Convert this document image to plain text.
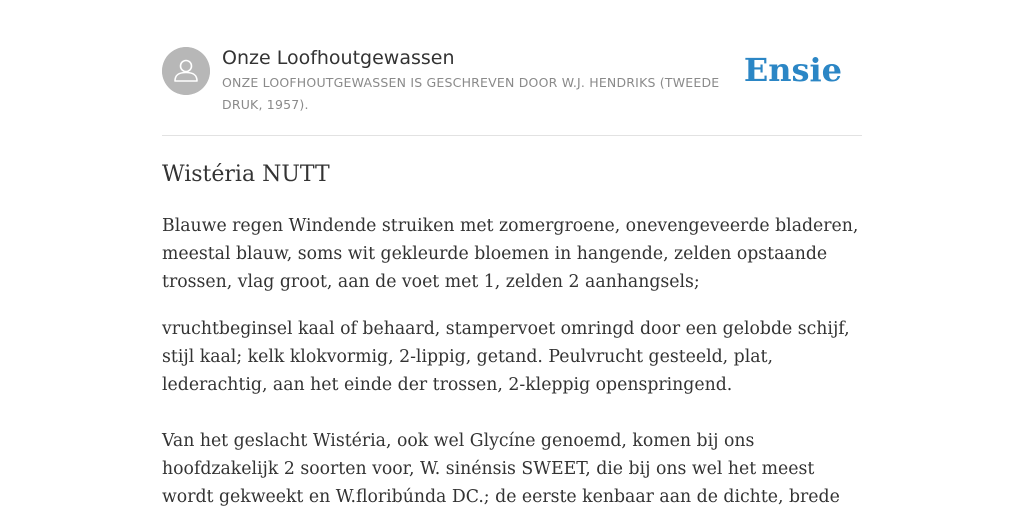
Onze Loofhoutgewassen
ONZE LOOFHOUTGEWASSEN IS GESCHREVEN DOOR W.J. HENDRIKS (TWEEDE DRUK, 1957).
Ensie
Wistéria NUTT

Blauwe regen Windende struiken met zomergroene, onevengeveerde bladeren, meestal blauw, soms wit gekleurde bloemen in hangende, zelden opstaande trossen, vlag groot, aan de voet met 1, zelden 2 aanhangsels;

vruchtbeginsel kaal of behaard, stampervoet omringd door een gelobde schijf, stijl kaal; kelk klokvormig, 2-lippig, getand. Peulvrucht gesteeld, plat, lederachtig, aan het einde der trossen, 2-kleppig openspringend.

Van het geslacht Wistéria, ook wel Glycíne genoemd, komen bij ons hoofdzakelijk 2 soorten voor, W. sinénsis SWEET, die bij ons wel het meest wordt gekweekt en W.floribúnda DC.; de eerste kenbaar aan de dichte, brede
